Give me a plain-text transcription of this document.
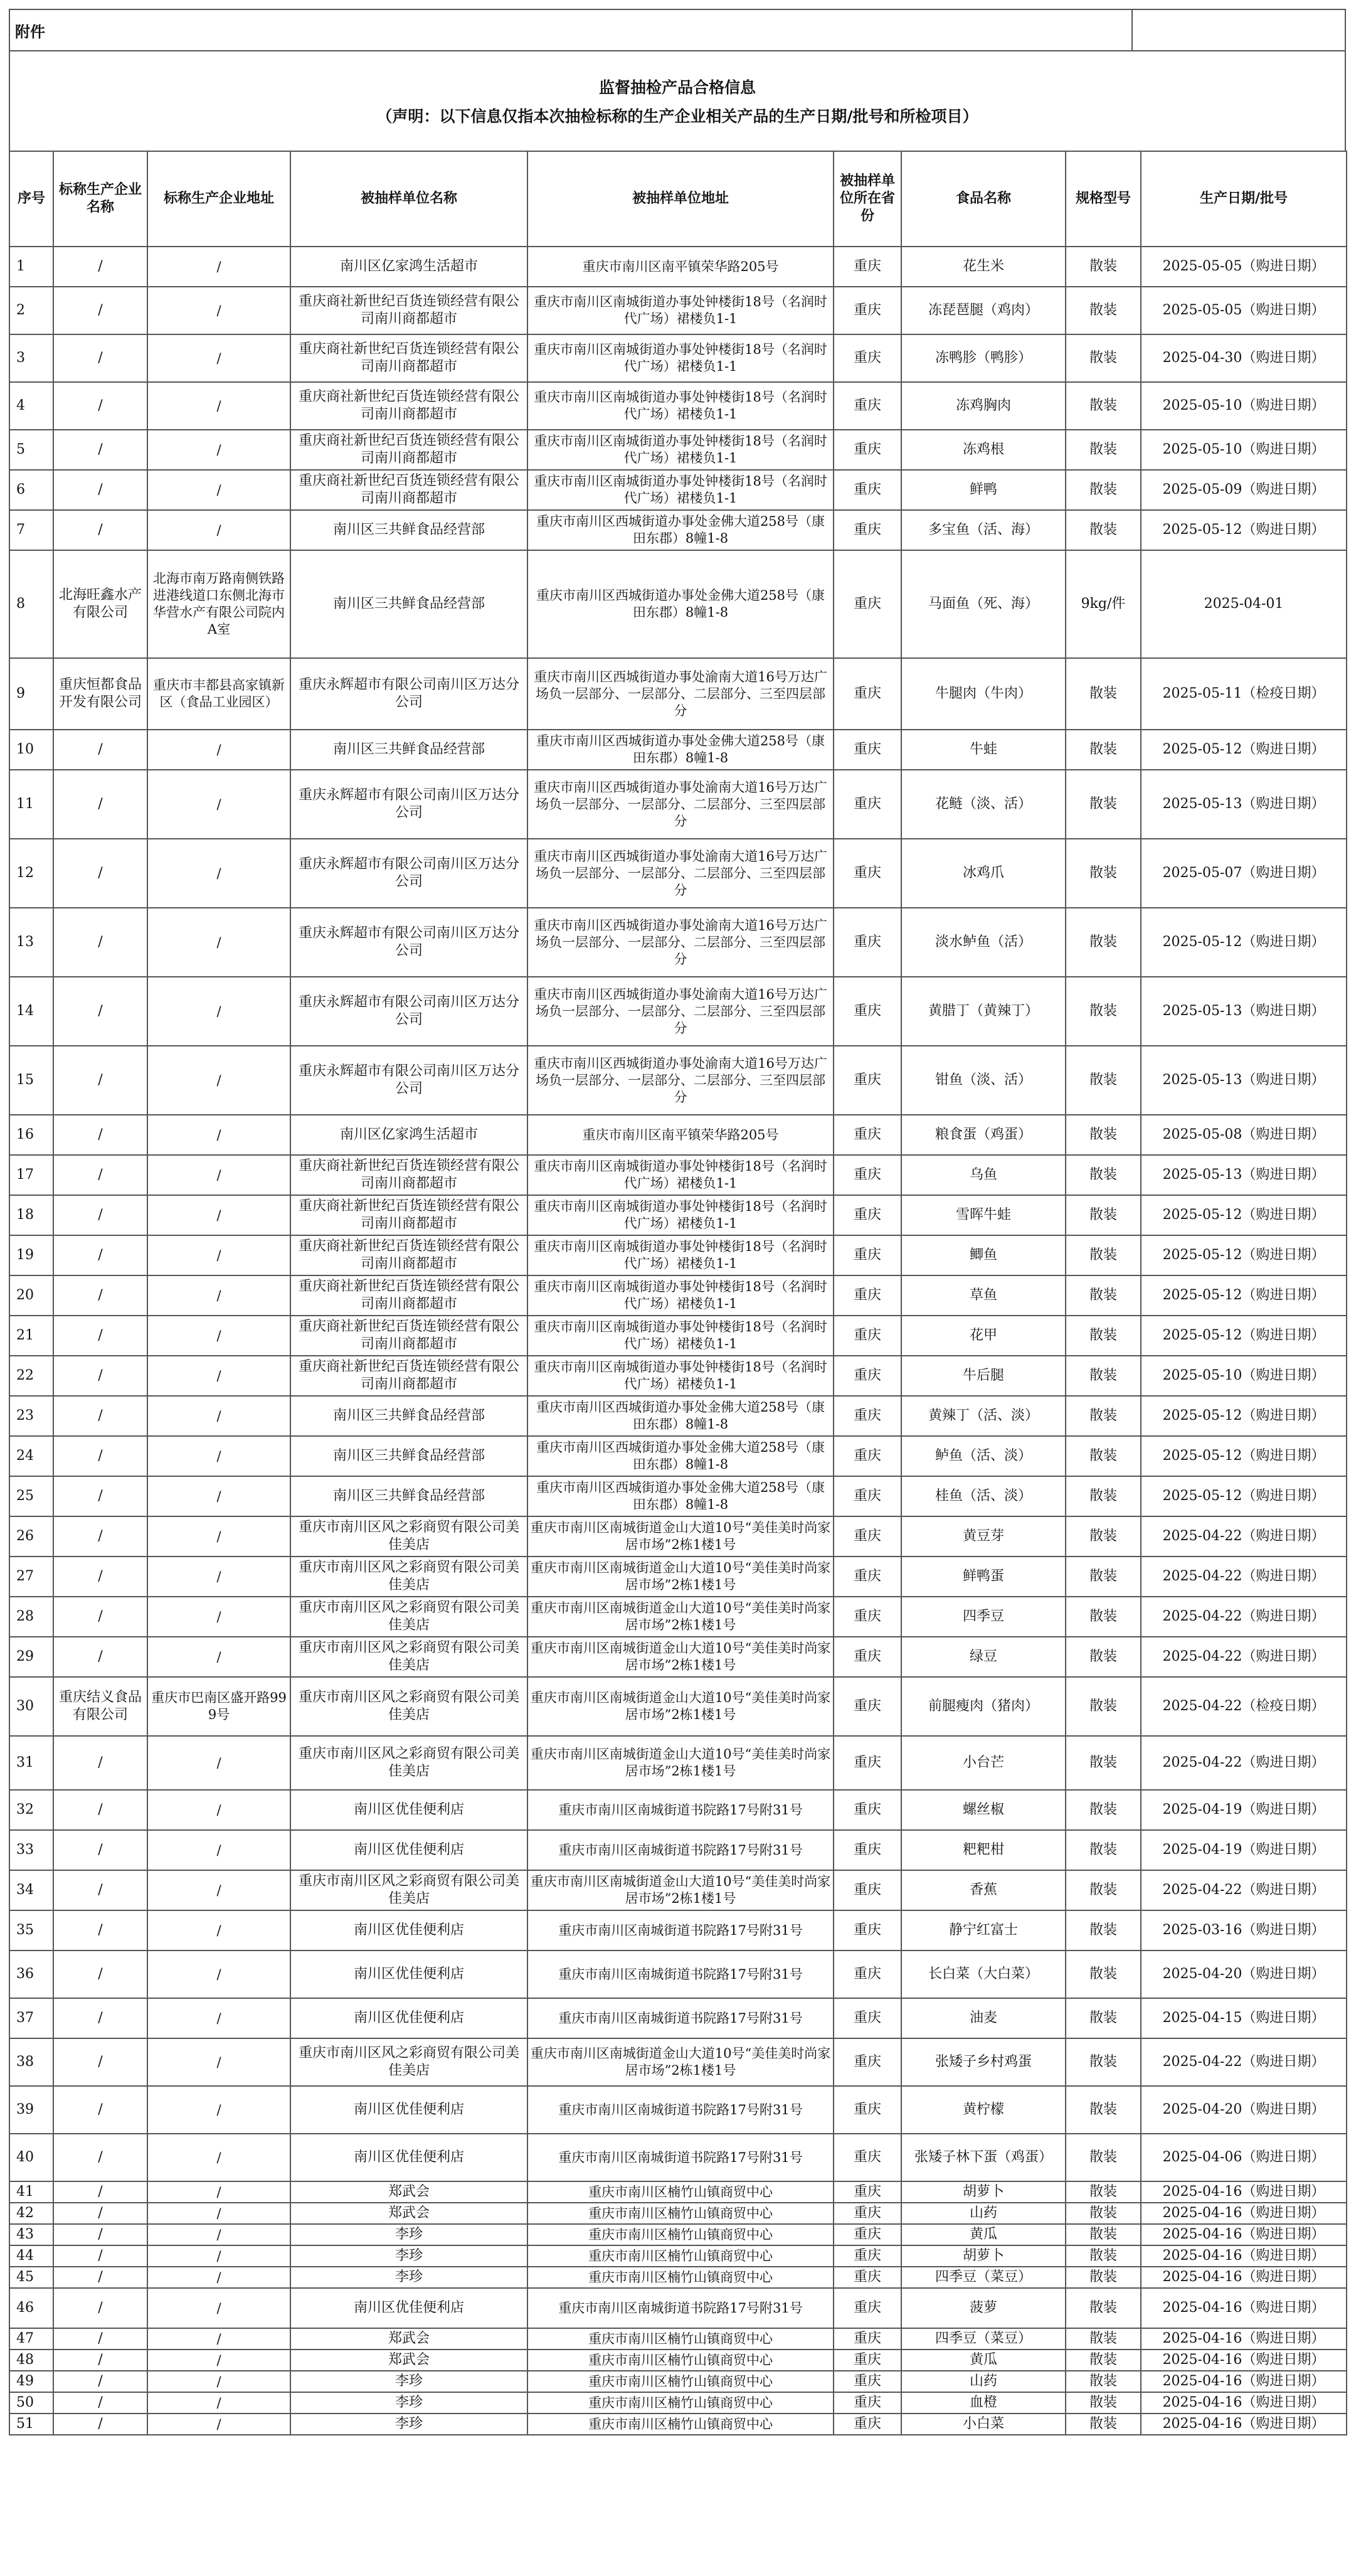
附件
监督抽检产品合格信息
（声明：以下信息仅指本次抽检标称的生产企业相关产品的生产日期/批号和所检项目）
序号	标称生产企业名称	标称生产企业地址	被抽样单位名称	被抽样单位地址	被抽样单位所在省份	食品名称	规格型号	生产日期/批号
1	/	/	南川区亿家鸿生活超市	重庆市南川区南平镇荣华路205号	重庆	花生米	散装	2025-05-05（购进日期）
2	/	/	重庆商社新世纪百货连锁经营有限公司南川商都超市	重庆市南川区南城街道办事处钟楼街18号（名润时代广场）裙楼负1-1	重庆	冻琵琶腿（鸡肉）	散装	2025-05-05（购进日期）
3	/	/	重庆商社新世纪百货连锁经营有限公司南川商都超市	重庆市南川区南城街道办事处钟楼街18号（名润时代广场）裙楼负1-1	重庆	冻鸭胗（鸭胗）	散装	2025-04-30（购进日期）
4	/	/	重庆商社新世纪百货连锁经营有限公司南川商都超市	重庆市南川区南城街道办事处钟楼街18号（名润时代广场）裙楼负1-1	重庆	冻鸡胸肉	散装	2025-05-10（购进日期）
5	/	/	重庆商社新世纪百货连锁经营有限公司南川商都超市	重庆市南川区南城街道办事处钟楼街18号（名润时代广场）裙楼负1-1	重庆	冻鸡根	散装	2025-05-10（购进日期）
6	/	/	重庆商社新世纪百货连锁经营有限公司南川商都超市	重庆市南川区南城街道办事处钟楼街18号（名润时代广场）裙楼负1-1	重庆	鲜鸭	散装	2025-05-09（购进日期）
7	/	/	南川区三共鲜食品经营部	重庆市南川区西城街道办事处金佛大道258号（康田东郡）8幢1-8	重庆	多宝鱼（活、海）	散装	2025-05-12（购进日期）
8	北海旺鑫水产有限公司	北海市南万路南侧铁路进港线道口东侧北海市华营水产有限公司院内A室	南川区三共鲜食品经营部	重庆市南川区西城街道办事处金佛大道258号（康田东郡）8幢1-8	重庆	马面鱼（死、海）	9kg/件	2025-04-01
9	重庆恒都食品开发有限公司	重庆市丰都县高家镇新区（食品工业园区）	重庆永辉超市有限公司南川区万达分公司	重庆市南川区西城街道办事处渝南大道16号万达广场负一层部分、一层部分、二层部分、三至四层部分	重庆	牛腿肉（牛肉）	散装	2025-05-11（检疫日期）
10	/	/	南川区三共鲜食品经营部	重庆市南川区西城街道办事处金佛大道258号（康田东郡）8幢1-8	重庆	牛蛙	散装	2025-05-12（购进日期）
11	/	/	重庆永辉超市有限公司南川区万达分公司	重庆市南川区西城街道办事处渝南大道16号万达广场负一层部分、一层部分、二层部分、三至四层部分	重庆	花鲢（淡、活）	散装	2025-05-13（购进日期）
12	/	/	重庆永辉超市有限公司南川区万达分公司	重庆市南川区西城街道办事处渝南大道16号万达广场负一层部分、一层部分、二层部分、三至四层部分	重庆	冰鸡爪	散装	2025-05-07（购进日期）
13	/	/	重庆永辉超市有限公司南川区万达分公司	重庆市南川区西城街道办事处渝南大道16号万达广场负一层部分、一层部分、二层部分、三至四层部分	重庆	淡水鲈鱼（活）	散装	2025-05-12（购进日期）
14	/	/	重庆永辉超市有限公司南川区万达分公司	重庆市南川区西城街道办事处渝南大道16号万达广场负一层部分、一层部分、二层部分、三至四层部分	重庆	黄腊丁（黄辣丁）	散装	2025-05-13（购进日期）
15	/	/	重庆永辉超市有限公司南川区万达分公司	重庆市南川区西城街道办事处渝南大道16号万达广场负一层部分、一层部分、二层部分、三至四层部分	重庆	钳鱼（淡、活）	散装	2025-05-13（购进日期）
16	/	/	南川区亿家鸿生活超市	重庆市南川区南平镇荣华路205号	重庆	粮食蛋（鸡蛋）	散装	2025-05-08（购进日期）
17	/	/	重庆商社新世纪百货连锁经营有限公司南川商都超市	重庆市南川区南城街道办事处钟楼街18号（名润时代广场）裙楼负1-1	重庆	乌鱼	散装	2025-05-13（购进日期）
18	/	/	重庆商社新世纪百货连锁经营有限公司南川商都超市	重庆市南川区南城街道办事处钟楼街18号（名润时代广场）裙楼负1-1	重庆	雪晖牛蛙	散装	2025-05-12（购进日期）
19	/	/	重庆商社新世纪百货连锁经营有限公司南川商都超市	重庆市南川区南城街道办事处钟楼街18号（名润时代广场）裙楼负1-1	重庆	鲫鱼	散装	2025-05-12（购进日期）
20	/	/	重庆商社新世纪百货连锁经营有限公司南川商都超市	重庆市南川区南城街道办事处钟楼街18号（名润时代广场）裙楼负1-1	重庆	草鱼	散装	2025-05-12（购进日期）
21	/	/	重庆商社新世纪百货连锁经营有限公司南川商都超市	重庆市南川区南城街道办事处钟楼街18号（名润时代广场）裙楼负1-1	重庆	花甲	散装	2025-05-12（购进日期）
22	/	/	重庆商社新世纪百货连锁经营有限公司南川商都超市	重庆市南川区南城街道办事处钟楼街18号（名润时代广场）裙楼负1-1	重庆	牛后腿	散装	2025-05-10（购进日期）
23	/	/	南川区三共鲜食品经营部	重庆市南川区西城街道办事处金佛大道258号（康田东郡）8幢1-8	重庆	黄辣丁（活、淡）	散装	2025-05-12（购进日期）
24	/	/	南川区三共鲜食品经营部	重庆市南川区西城街道办事处金佛大道258号（康田东郡）8幢1-8	重庆	鲈鱼（活、淡）	散装	2025-05-12（购进日期）
25	/	/	南川区三共鲜食品经营部	重庆市南川区西城街道办事处金佛大道258号（康田东郡）8幢1-8	重庆	桂鱼（活、淡）	散装	2025-05-12（购进日期）
26	/	/	重庆市南川区风之彩商贸有限公司美佳美店	重庆市南川区南城街道金山大道10号“美佳美时尚家居市场”2栋1楼1号	重庆	黄豆芽	散装	2025-04-22（购进日期）
27	/	/	重庆市南川区风之彩商贸有限公司美佳美店	重庆市南川区南城街道金山大道10号“美佳美时尚家居市场”2栋1楼1号	重庆	鲜鸭蛋	散装	2025-04-22（购进日期）
28	/	/	重庆市南川区风之彩商贸有限公司美佳美店	重庆市南川区南城街道金山大道10号“美佳美时尚家居市场”2栋1楼1号	重庆	四季豆	散装	2025-04-22（购进日期）
29	/	/	重庆市南川区风之彩商贸有限公司美佳美店	重庆市南川区南城街道金山大道10号“美佳美时尚家居市场”2栋1楼1号	重庆	绿豆	散装	2025-04-22（购进日期）
30	重庆结义食品有限公司	重庆市巴南区盛开路999号	重庆市南川区风之彩商贸有限公司美佳美店	重庆市南川区南城街道金山大道10号“美佳美时尚家居市场”2栋1楼1号	重庆	前腿瘦肉（猪肉）	散装	2025-04-22（检疫日期）
31	/	/	重庆市南川区风之彩商贸有限公司美佳美店	重庆市南川区南城街道金山大道10号“美佳美时尚家居市场”2栋1楼1号	重庆	小台芒	散装	2025-04-22（购进日期）
32	/	/	南川区优佳便利店	重庆市南川区南城街道书院路17号附31号	重庆	螺丝椒	散装	2025-04-19（购进日期）
33	/	/	南川区优佳便利店	重庆市南川区南城街道书院路17号附31号	重庆	粑粑柑	散装	2025-04-19（购进日期）
34	/	/	重庆市南川区风之彩商贸有限公司美佳美店	重庆市南川区南城街道金山大道10号“美佳美时尚家居市场”2栋1楼1号	重庆	香蕉	散装	2025-04-22（购进日期）
35	/	/	南川区优佳便利店	重庆市南川区南城街道书院路17号附31号	重庆	静宁红富士	散装	2025-03-16（购进日期）
36	/	/	南川区优佳便利店	重庆市南川区南城街道书院路17号附31号	重庆	长白菜（大白菜）	散装	2025-04-20（购进日期）
37	/	/	南川区优佳便利店	重庆市南川区南城街道书院路17号附31号	重庆	油麦	散装	2025-04-15（购进日期）
38	/	/	重庆市南川区风之彩商贸有限公司美佳美店	重庆市南川区南城街道金山大道10号“美佳美时尚家居市场”2栋1楼1号	重庆	张矮子乡村鸡蛋	散装	2025-04-22（购进日期）
39	/	/	南川区优佳便利店	重庆市南川区南城街道书院路17号附31号	重庆	黄柠檬	散装	2025-04-20（购进日期）
40	/	/	南川区优佳便利店	重庆市南川区南城街道书院路17号附31号	重庆	张矮子林下蛋（鸡蛋）	散装	2025-04-06（购进日期）
41	/	/	郑武会	重庆市南川区楠竹山镇商贸中心	重庆	胡萝卜	散装	2025-04-16（购进日期）
42	/	/	郑武会	重庆市南川区楠竹山镇商贸中心	重庆	山药	散装	2025-04-16（购进日期）
43	/	/	李珍	重庆市南川区楠竹山镇商贸中心	重庆	黄瓜	散装	2025-04-16（购进日期）
44	/	/	李珍	重庆市南川区楠竹山镇商贸中心	重庆	胡萝卜	散装	2025-04-16（购进日期）
45	/	/	李珍	重庆市南川区楠竹山镇商贸中心	重庆	四季豆（菜豆）	散装	2025-04-16（购进日期）
46	/	/	南川区优佳便利店	重庆市南川区南城街道书院路17号附31号	重庆	菠萝	散装	2025-04-16（购进日期）
47	/	/	郑武会	重庆市南川区楠竹山镇商贸中心	重庆	四季豆（菜豆）	散装	2025-04-16（购进日期）
48	/	/	郑武会	重庆市南川区楠竹山镇商贸中心	重庆	黄瓜	散装	2025-04-16（购进日期）
49	/	/	李珍	重庆市南川区楠竹山镇商贸中心	重庆	山药	散装	2025-04-16（购进日期）
50	/	/	李珍	重庆市南川区楠竹山镇商贸中心	重庆	血橙	散装	2025-04-16（购进日期）
51	/	/	李珍	重庆市南川区楠竹山镇商贸中心	重庆	小白菜	散装	2025-04-16（购进日期）
